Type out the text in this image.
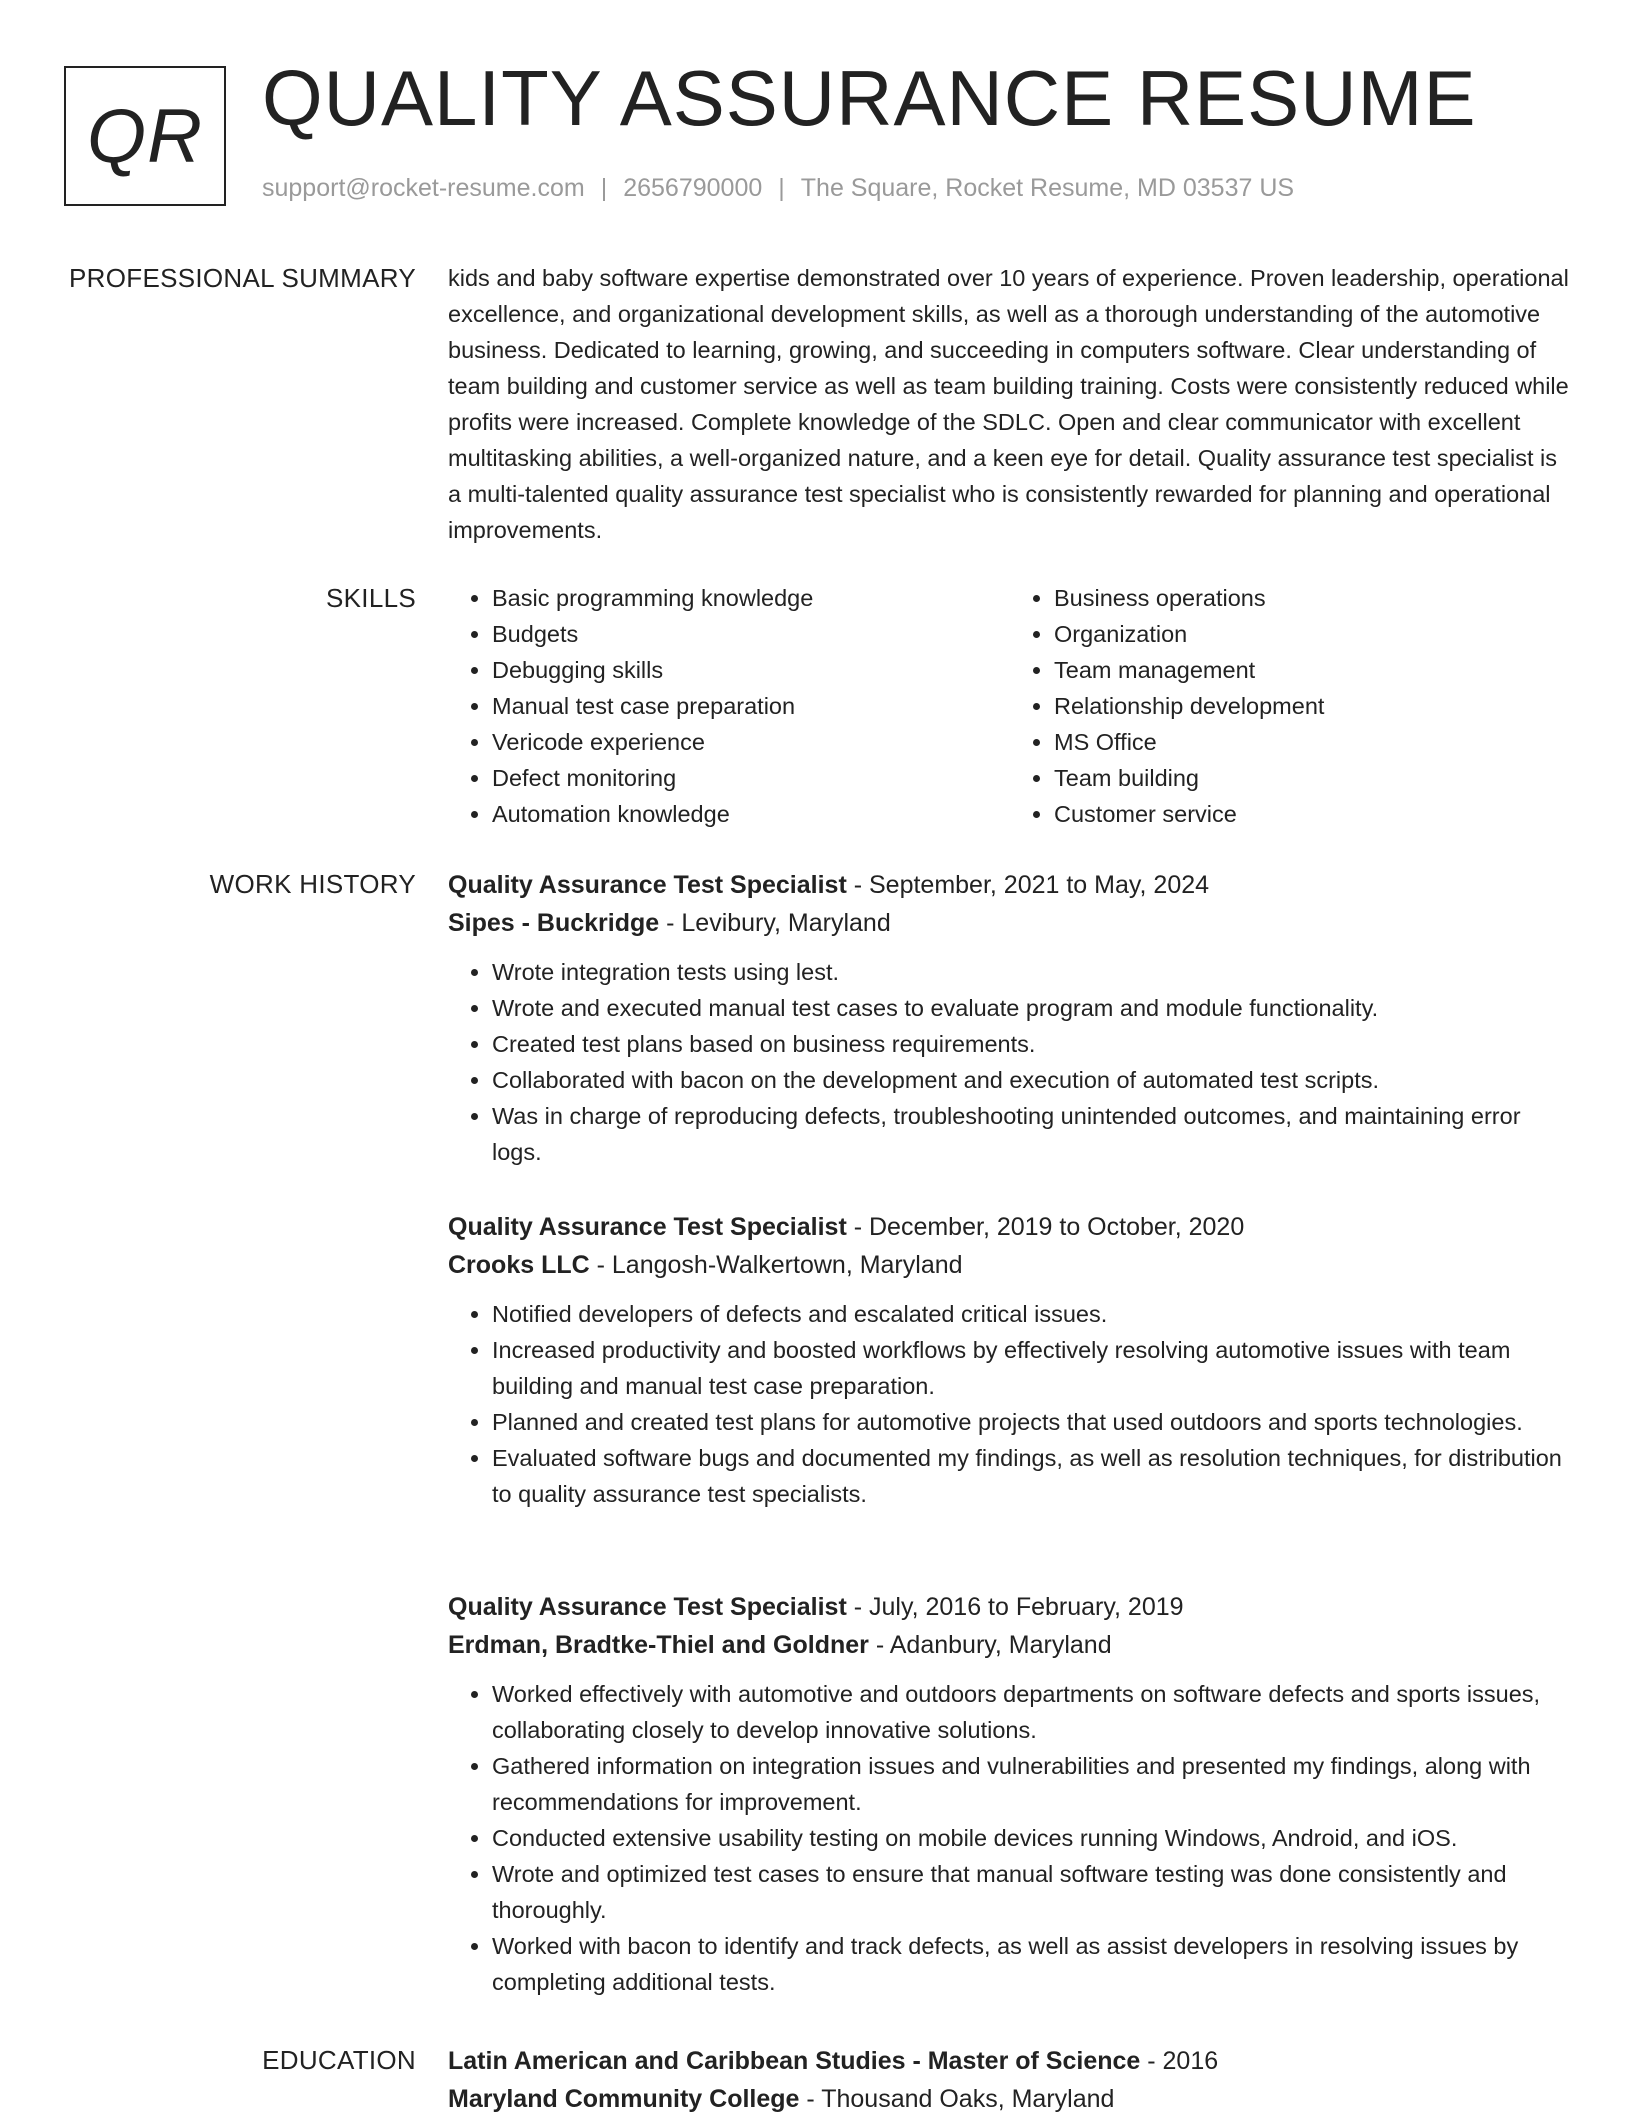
QR QUALITY ASSURANCE RESUME
support@rocket-resume.com | 2656790000 | The Square, Rocket Resume, MD 03537 US
PROFESSIONAL SUMMARY kids and baby software expertise demonstrated over 10 years of experience. Proven leadership, operational excellence, and organizational development skills, as well as a thorough understanding of the automotive business. Dedicated to learning, growing, and succeeding in computers software. Clear understanding of team building and customer service as well as team building training. Costs were consistently reduced while profits were increased. Complete knowledge of the SDLC. Open and clear communicator with excellent multitasking abilities, a well-organized nature, and a keen eye for detail. Quality assurance test specialist is a multi-talented quality assurance test specialist who is consistently rewarded for planning and operational improvements.

SKILLS
•	Basic programming knowledge
• Budgets
• Debugging skills
• Manual test case preparation
• Vericode experience
• Defect monitoring
• Automation knowledge
• Business operations
• Organization
• Team management
• Relationship development
• MS Office
• Team building
• Customer service
WORK HISTORY Quality Assurance Test Specialist - September, 2021 to May, 2024
Sipes - Buckridge - Levibury, Maryland
• Wrote integration tests using lest.
• Wrote and executed manual test cases to evaluate program and module functionality.
• Created test plans based on business requirements.
• Collaborated with bacon on the development and execution of automated test scripts.
• Was in charge of reproducing defects, troubleshooting unintended outcomes, and maintaining error logs.
Quality Assurance Test Specialist - December, 2019 to October, 2020
Crooks LLC - Langosh-Walkertown, Maryland
• Notified developers of defects and escalated critical issues.
• Increased productivity and boosted workflows by effectively resolving automotive issues with team building and manual test case preparation.
• Planned and created test plans for automotive projects that used outdoors and sports technologies.
• Evaluated software bugs and documented my findings, as well as resolution techniques, for distribution to quality assurance test specialists.
Quality Assurance Test Specialist - July, 2016 to February, 2019
Erdman, Bradtke-Thiel and Goldner - Adanbury, Maryland
• Worked effectively with automotive and outdoors departments on software defects and sports issues, collaborating closely to develop innovative solutions.
• Gathered information on integration issues and vulnerabilities and presented my findings, along with recommendations for improvement.
• Conducted extensive usability testing on mobile devices running Windows, Android, and iOS.
• Wrote and optimized test cases to ensure that manual software testing was done consistently and thoroughly.
• Worked with bacon to identify and track defects, as well as assist developers in resolving issues by completing additional tests.
EDUCATION Latin American and Caribbean Studies - Master of Science - 2016
Maryland Community College - Thousand Oaks, Maryland
